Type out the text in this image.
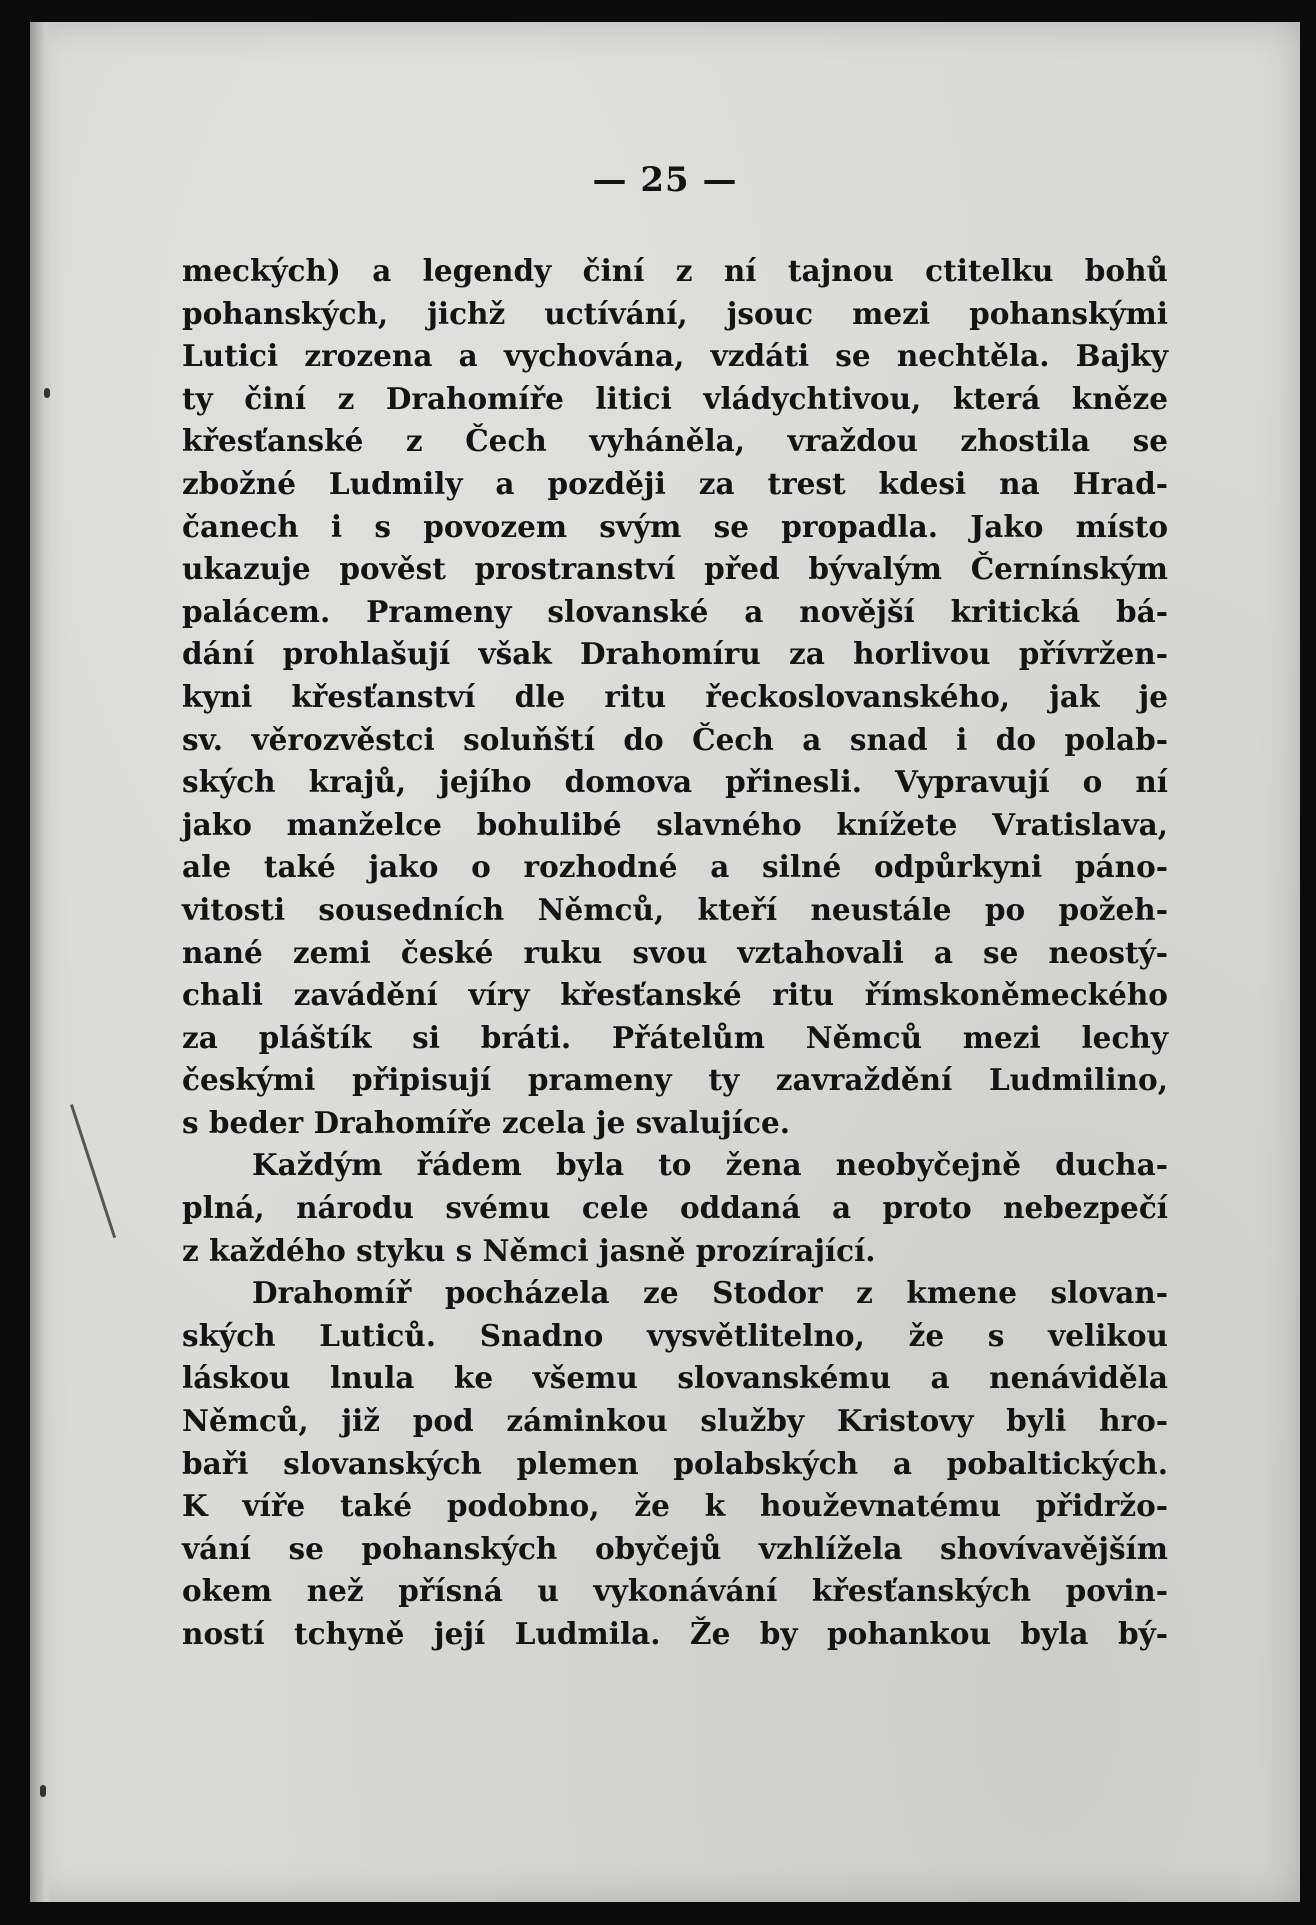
— 25 —
meckých) a legendy činí z ní tajnou ctitelku bohů
pohanských, jichž uctívání, jsouc mezi pohanskými
Lutici zrozena a vychována, vzdáti se nechtěla. Bajky
ty činí z Drahomíře litici vládychtivou, která kněze
křesťanské z Čech vyháněla, vraždou zhostila se
zbožné Ludmily a později za trest kdesi na Hrad-
čanech i s povozem svým se propadla. Jako místo
ukazuje pověst prostranství před bývalým Černínským
palácem. Prameny slovanské a novější kritická bá-
dání prohlašují však Drahomíru za horlivou přívržen-
kyni křesťanství dle ritu řeckoslovanského, jak je
sv. věrozvěstci soluňští do Čech a snad i do polab-
ských krajů, jejího domova přinesli. Vypravují o ní
jako manželce bohulibé slavného knížete Vratislava,
ale také jako o rozhodné a silné odpůrkyni páno-
vitosti sousedních Němců, kteří neustále po požeh-
nané zemi české ruku svou vztahovali a se neostý-
chali zavádění víry křesťanské ritu římskoněmeckého
za pláštík si bráti. Přátelům Němců mezi lechy
českými připisují prameny ty zavraždění Ludmilino,
s beder Drahomíře zcela je svalujíce.
Každým řádem byla to žena neobyčejně ducha-
plná, národu svému cele oddaná a proto nebezpečí
z každého styku s Němci jasně prozírající.
Drahomíř pocházela ze Stodor z kmene slovan-
ských Luticů. Snadno vysvětlitelno, že s velikou
láskou lnula ke všemu slovanskému a nenáviděla
Němců, již pod záminkou služby Kristovy byli hro-
baři slovanských plemen polabských a pobaltických.
K víře také podobno, že k houževnatému přidržo-
vání se pohanských obyčejů vzhlížela shovívavějším
okem než přísná u vykonávání křesťanských povin-
ností tchyně její Ludmila. Že by pohankou byla bý-
